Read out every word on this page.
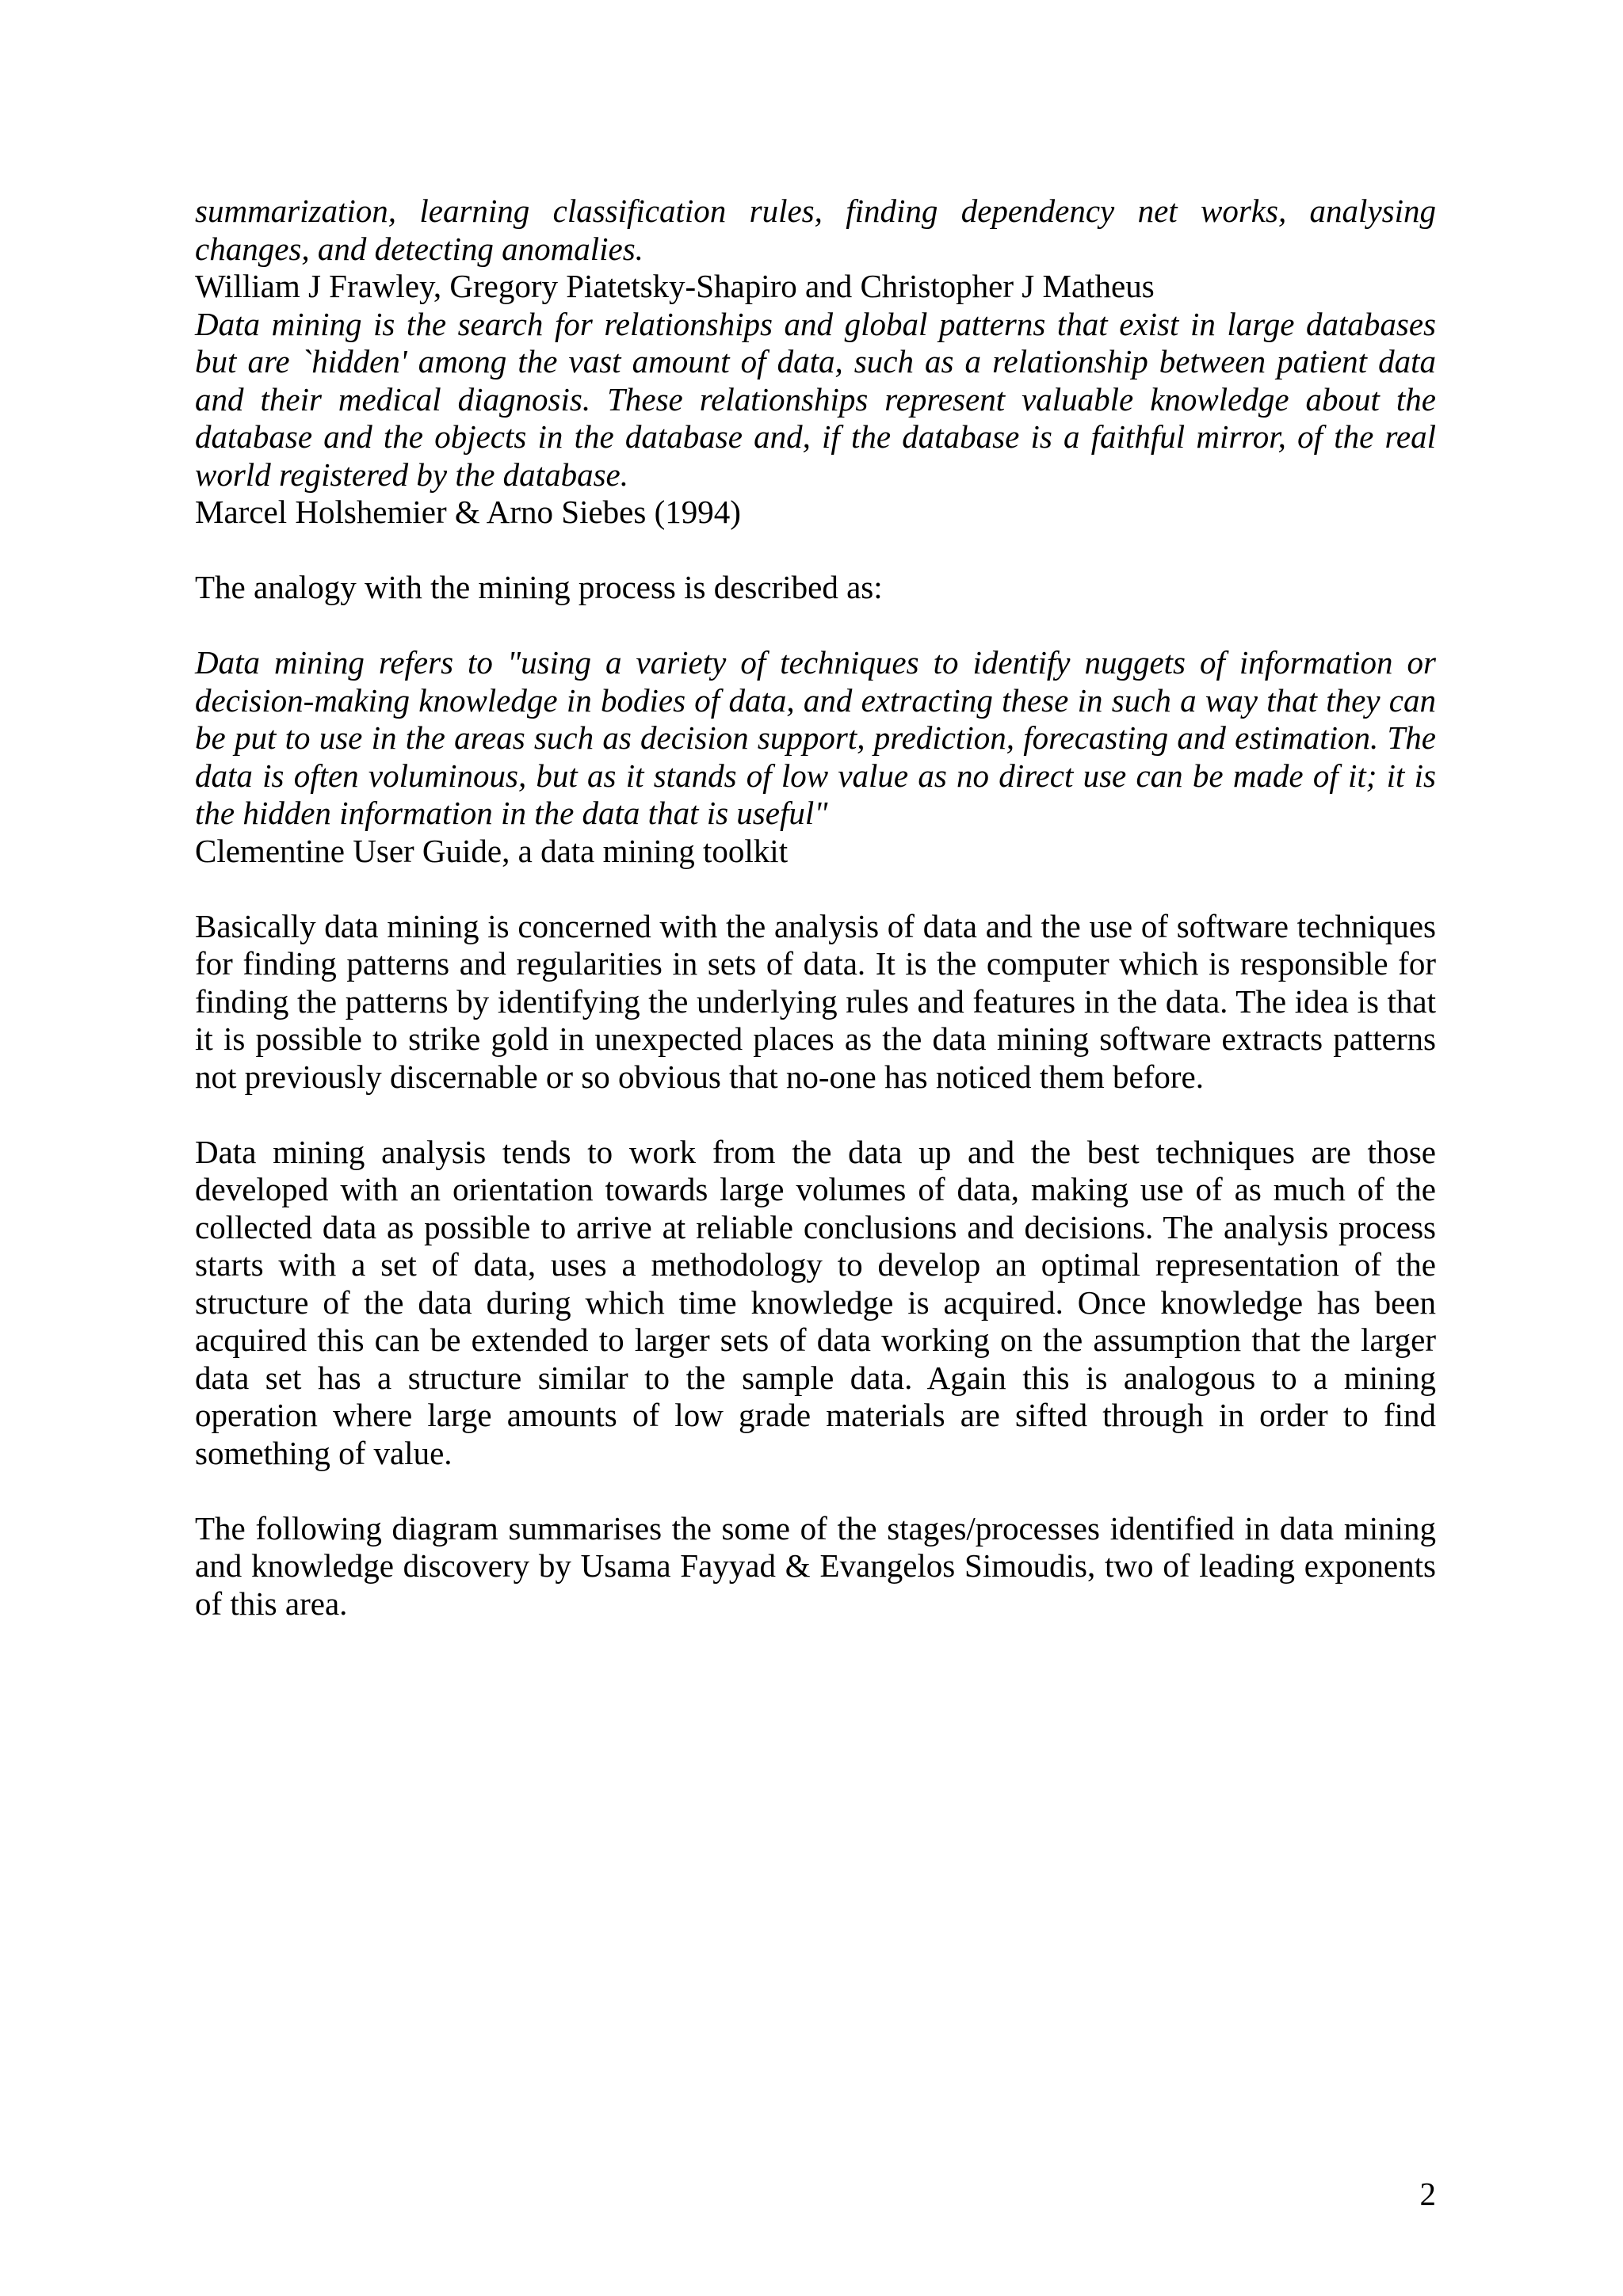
summarization, learning classification rules, finding dependency net works, analysing changes, and detecting anomalies.

William J Frawley, Gregory Piatetsky-Shapiro and Christopher J Matheus

Data mining is the search for relationships and global patterns that exist in large databases but are `hidden' among the vast amount of data, such as a relationship between patient data and their medical diagnosis. These relationships represent valuable knowledge about the database and the objects in the database and, if the database is a faithful mirror, of the real world registered by the database.

Marcel Holshemier & Arno Siebes (1994)

The analogy with the mining process is described as:

Data mining refers to "using a variety of techniques to identify nuggets of information or decision-making knowledge in bodies of data, and extracting these in such a way that they can be put to use in the areas such as decision support, prediction, forecasting and estimation. The data is often voluminous, but as it stands of low value as no direct use can be made of it; it is the hidden information in the data that is useful"

Clementine User Guide, a data mining toolkit

Basically data mining is concerned with the analysis of data and the use of software techniques for finding patterns and regularities in sets of data. It is the computer which is responsible for finding the patterns by identifying the underlying rules and features in the data. The idea is that it is possible to strike gold in unexpected places as the data mining software extracts patterns not previously discernable or so obvious that no-one has noticed them before.

Data mining analysis tends to work from the data up and the best techniques are those developed with an orientation towards large volumes of data, making use of as much of the collected data as possible to arrive at reliable conclusions and decisions. The analysis process starts with a set of data, uses a methodology to develop an optimal representation of the structure of the data during which time knowledge is acquired. Once knowledge has been acquired this can be extended to larger sets of data working on the assumption that the larger data set has a structure similar to the sample data. Again this is analogous to a mining operation where large amounts of low grade materials are sifted through in order to find something of value.

The following diagram summarises the some of the stages/processes identified in data mining and knowledge discovery by Usama Fayyad & Evangelos Simoudis, two of leading exponents of this area.

2
